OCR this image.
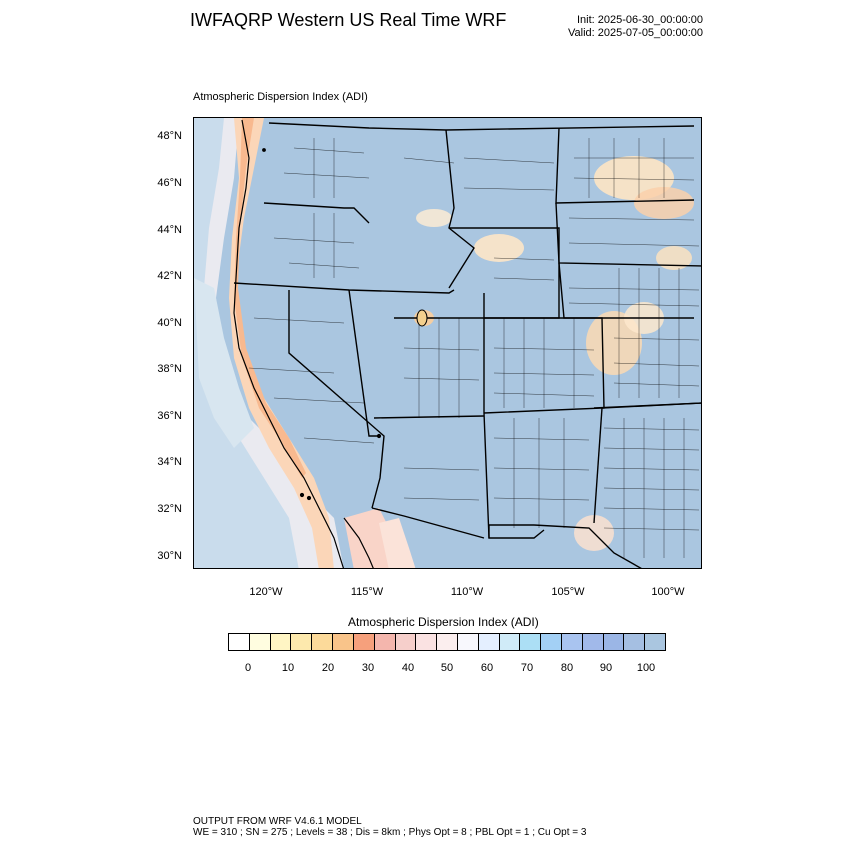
IWFAQRP Western US Real Time WRF	Init: 2025-06-30_00:00:00
Valid: 2025-07-05_00:00:00
Atmospheric Dispersion Index (ADI)
48°N
46°N
44°N
42°N
40°N
38°N
36°N
34°N
32°N
30°N
120°W	115°W	110°W	105°W	100°W
Atmospheric Dispersion Index (ADI)
0	10	20	30	40 50	60	70	80 90 100
OUTPUT FROM WRF V4.6.1 MODEL
WE = 310 ; SN = 275 ; Levels = 38 ; Dis = 8km ; Phys Opt = 8 ; PBL Opt = 1 ; Cu Opt = 3
